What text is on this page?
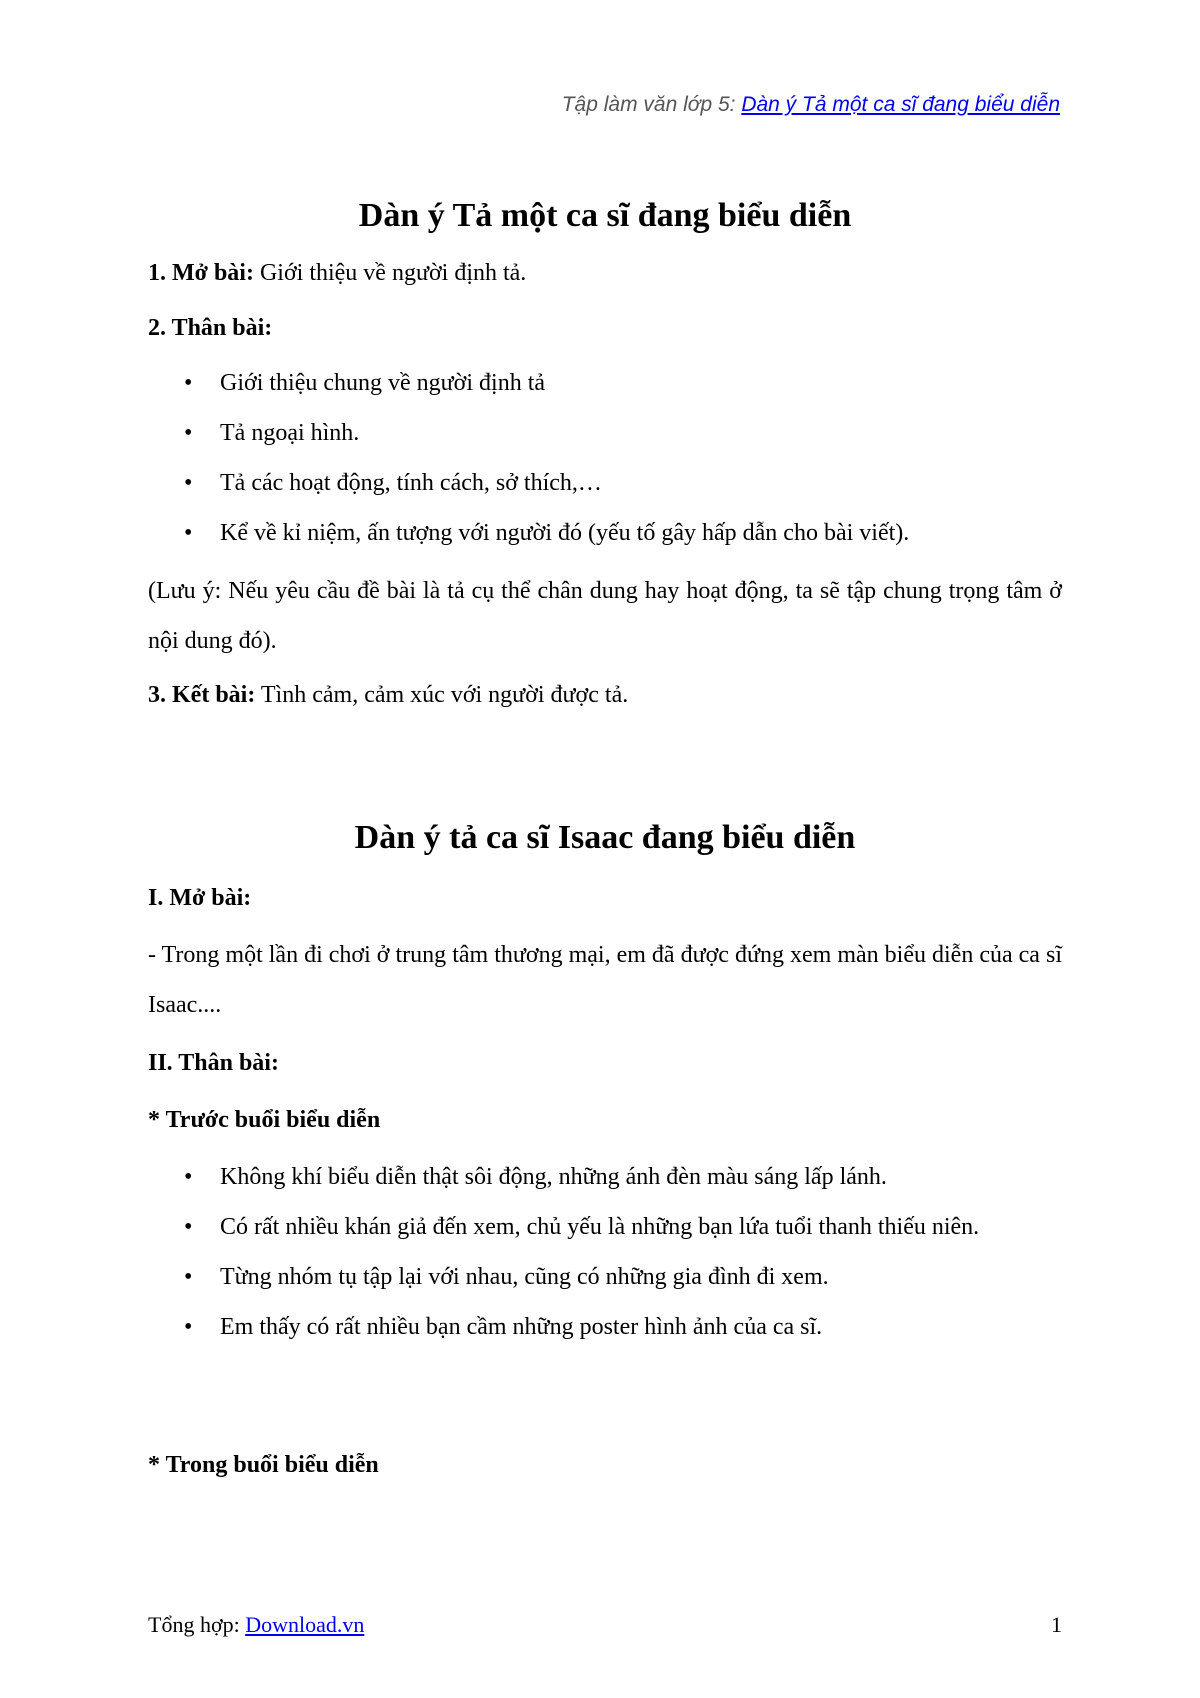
Tập làm văn lớp 5: Dàn ý Tả một ca sĩ đang biểu diễn
Dàn ý Tả một ca sĩ đang biểu diễn

1. Mở bài: Giới thiệu về người định tả.

2. Thân bài:

• Giới thiệu chung về người định tả
• Tả ngoại hình.
• Tả các hoạt động, tính cách, sở thích,…
• Kể về kỉ niệm, ấn tượng với người đó (yếu tố gây hấp dẫn cho bài viết).

(Lưu ý: Nếu yêu cầu đề bài là tả cụ thể chân dung hay hoạt động, ta sẽ tập chung trọng tâm ở nội dung đó).

3. Kết bài: Tình cảm, cảm xúc với người được tả.

Dàn ý tả ca sĩ Isaac đang biểu diễn

I. Mở bài:

- Trong một lần đi chơi ở trung tâm thương mại, em đã được đứng xem màn biểu diễn của ca sĩ Isaac....

II. Thân bài:

* Trước buổi biểu diễn

• Không khí biểu diễn thật sôi động, những ánh đèn màu sáng lấp lánh.
• Có rất nhiều khán giả đến xem, chủ yếu là những bạn lứa tuổi thanh thiếu niên.
• Từng nhóm tụ tập lại với nhau, cũng có những gia đình đi xem.
• Em thấy có rất nhiều bạn cầm những poster hình ảnh của ca sĩ.

* Trong buổi biểu diễn

Tổng hợp: Download.vn	1
